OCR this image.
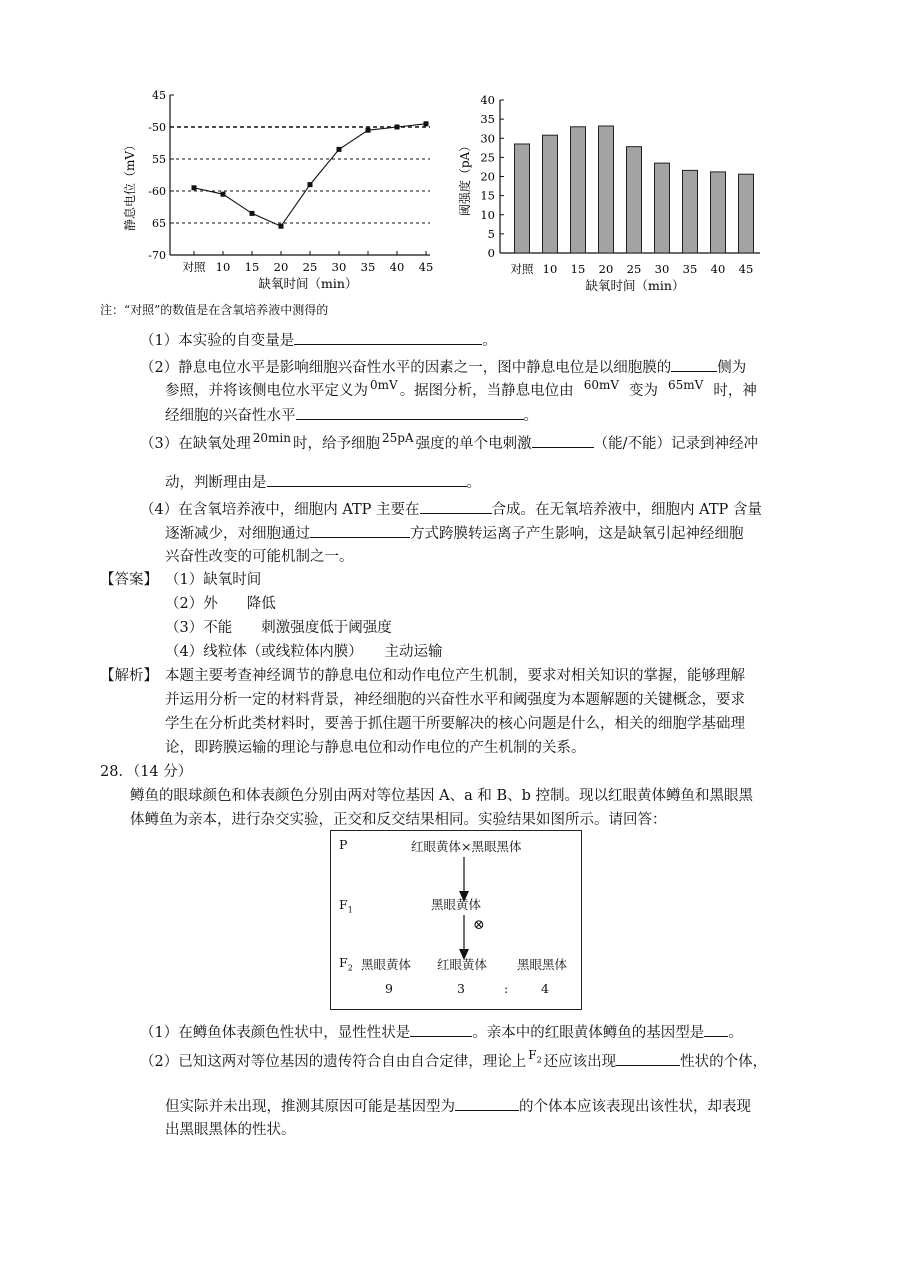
静息电位（mV）
45
-50
55
-60
65
-70
对照 10 15 20 25 30 35 40 45
缺氧时间（min）
阈强度（pA）
0
5
10
15
20
25
30
35
40
对照 10 15 20 25 30 35 40 45
缺氧时间（min）
注：“对照”的数值是在含氧培养液中测得的
（1）本实验的自变量是	。
（2）静息电位水平是影响细胞兴奋性水平的因素之一，图中静息电位是以细胞膜的	侧为
参照，并将该侧电位水平定义为 $^{0mV}$ 。据图分析，当静息电位由 $^{60mV}$ 变为 $^{65mV}$ 时，神
经细胞的兴奋性水平	。
（3）在缺氧处理 $^{20min}$ 时，给予细胞 $^{25pA}$ 强度的单个电刺激	（能/不能）记录到神经冲
动，判断理由是	。
（4）在含氧培养液中，细胞内 ATP 主要在	合成。在无氧培养液中，细胞内 ATP 含量
逐渐减少，对细胞通过	方式跨膜转运离子产生影响，这是缺氧引起神经细胞
兴奋性改变的可能机制之一。
【答案】 （1）缺氧时间
（2）外　　降低
（3）不能　　刺激强度低于阈强度
（4）线粒体（或线粒体内膜）　　主动运输
【解析】 本题主要考查神经调节的静息电位和动作电位产生机制，要求对相关知识的掌握，能够理解
并运用分析一定的材料背景，神经细胞的兴奋性水平和阈强度为本题解题的关键概念，要求
学生在分析此类材料时，要善于抓住题干所要解决的核心问题是什么，相关的细胞学基础理
论，即跨膜运输的理论与静息电位和动作电位的产生机制的关系。
28．（14 分）
鳟鱼的眼球颜色和体表颜色分别由两对等位基因 A、a 和 B、b 控制。现以红眼黄体鳟鱼和黑眼黑
体鳟鱼为亲本，进行杂交实验，正交和反交结果相同。实验结果如图所示。请回答：
P	红眼黄体×黑眼黑体
$F_1$	黑眼黄体
⊗
$F_2$ 黑眼黄体 红眼黄体 黑眼黑体
9	3	:	4
（1）在鳟鱼体表颜色性状中，显性性状是	。亲本中的红眼黄体鳟鱼的基因型是 。
（2）已知这两对等位基因的遗传符合自由自合定律，理论上 $^{F_2}$ 还应该出现	性状的个体，
但实际并未出现，推测其原因可能是基因型为	的个体本应该表现出该性状，却表现
出黑眼黑体的性状。
